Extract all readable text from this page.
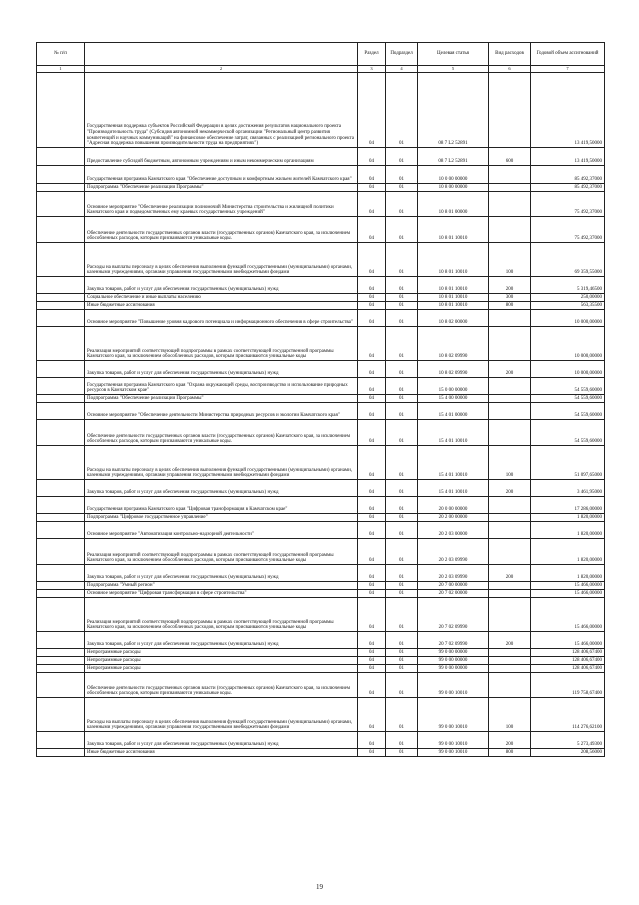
№ п/п		Раздел	Подраздел	Целевая статья	Вид расходов	Годовой объем ассигнований
1	2	3	4	5	6	7
	Государственная поддержка субъектов Российской Федерации в целях достижения результатов национального проекта "Производительность труда" (Субсидия автономной некоммерческой организации "Региональный центр развития компетенций и научных коммуникаций" на финансовое обеспечение затрат, связанных с реализацией регионального проекта "Адресная поддержка повышения производительности труда на предприятиях")	04	01	08 7 L2 52891		13 419,50000
	Предоставление субсидий бюджетным, автономным учреждениям и иным некоммерческим организациям	04	01	08 7 L2 52891	600	13 419,50000
	Государственная программа Камчатского края "Обеспечение доступным и комфортным жильем жителей Камчатского края"	04	01	10 0 00 00000		85 492,37000
	Подпрограмма "Обеспечение реализации Программы"	04	01	10 8 00 00000		85 492,37000
	Основное мероприятие "Обеспечение реализации полномочий Министерства строительства и жилищной политики Камчатского края и подведомственных ему краевых государственных учреждений"	04	01	10 8 01 00000		75 492,37000
	Обеспечение деятельности государственных органов власти (государственных органов) Камчатского края, за исключением обособленных расходов, которым присваиваются уникальные коды.	04	01	10 8 01 10010		75 492,37000
	Расходы на выплаты персоналу в целях обеспечения выполнения функций государственными (муниципальными) органами, казенными учреждениями, органами управления государственными внебюджетными фондами	04	01	10 8 01 10010	100	69 359,55000
	Закупка товаров, работ и услуг для обеспечения государственных (муниципальных) нужд	04	01	10 8 01 10010	200	5 319,46500
	Социальное обеспечение и иные выплаты населению	04	01	10 8 01 10010	300	250,00000
	Иные бюджетные ассигнования	04	01	10 8 01 10010	800	563,35500
	Основное мероприятие "Повышение уровня кадрового потенциала и информационного обеспечения в сфере строительства"	04	01	10 8 02 00000		10 000,00000
	Реализация мероприятий соответствующей подпрограммы в рамках соответствующей государственной программы Камчатского края, за исключением обособленных расходов, которым присваиваются уникальные коды	04	01	10 8 02 09990		10 000,00000
	Закупка товаров, работ и услуг для обеспечения государственных (муниципальных) нужд	04	01	10 8 02 09990	200	10 000,00000
	Государственная программа Камчатского края "Охрана окружающей среды, воспроизводство и использование природных ресурсов в Камчатском крае"	04	01	15 0 00 00000		54 559,60000
	Подпрограмма "Обеспечение реализации Программы"	04	01	15 4 00 00000		54 559,60000
	Основное мероприятие "Обеспечение деятельности Министерства природных ресурсов и экологии Камчатского края"	04	01	15 4 01 00000		54 559,60000
	Обеспечение деятельности государственных органов власти (государственных органов) Камчатского края, за исключением обособленных расходов, которым присваиваются уникальные коды.	04	01	15 4 01 10010		54 559,60000
	Расходы на выплаты персоналу в целях обеспечения выполнения функций государственными (муниципальными) органами, казенными учреждениями, органами управления государственными внебюджетными фондами	04	01	15 4 01 10010	100	51 097,65000
	Закупка товаров, работ и услуг для обеспечения государственных (муниципальных) нужд	04	01	15 4 01 10010	200	3 461,95000
	Государственная программа Камчатского края "Цифровая трансформация в Камчатском крае"	04	01	20 0 00 00000		17 286,00000
	Подпрограмма "Цифровое государственное управление"	04	01	20 2 00 00000		1 820,00000
	Основное мероприятие "Автоматизация контрольно-надзорной деятельности"	04	01	20 2 03 00000		1 820,00000
	Реализация мероприятий соответствующей подпрограммы в рамках соответствующей государственной программы Камчатского края, за исключением обособленных расходов, которым присваиваются уникальные коды	04	01	20 2 03 09990		1 820,00000
	Закупка товаров, работ и услуг для обеспечения государственных (муниципальных) нужд	04	01	20 2 03 09990	200	1 820,00000
	Подпрограмма "Умный регион"	04	01	20 7 00 00000		15 466,00000
	Основное мероприятие "Цифровая трансформация в сфере строительства"	04	01	20 7 02 00000		15 466,00000
	Реализация мероприятий соответствующей подпрограммы в рамках соответствующей государственной программы Камчатского края, за исключением обособленных расходов, которым присваиваются уникальные коды	04	01	20 7 02 09990		15 466,00000
	Закупка товаров, работ и услуг для обеспечения государственных (муниципальных) нужд	04	01	20 7 02 09990	200	15 466,00000
	Непрограммные расходы	04	01	99 0 00 00000		128 406,67400
	Непрограммные расходы	04	01	99 0 00 00000		128 406,67400
	Непрограммные расходы	04	01	99 0 00 00000		128 406,67400
	Обеспечение деятельности государственных органов власти (государственных органов) Камчатского края, за исключением обособленных расходов, которым присваиваются уникальные коды.	04	01	99 0 00 10010		119 758,67400
	Расходы на выплаты персоналу в целях обеспечения выполнения функций государственными (муниципальными) органами, казенными учреждениями, органами управления государственными внебюджетными фондами	04	01	99 0 00 10010	100	114 276,62100
	Закупка товаров, работ и услуг для обеспечения государственных (муниципальных) нужд	04	01	99 0 00 10010	200	5 273,49300
	Иные бюджетные ассигнования	04	01	99 0 00 10010	800	208,56000
19
